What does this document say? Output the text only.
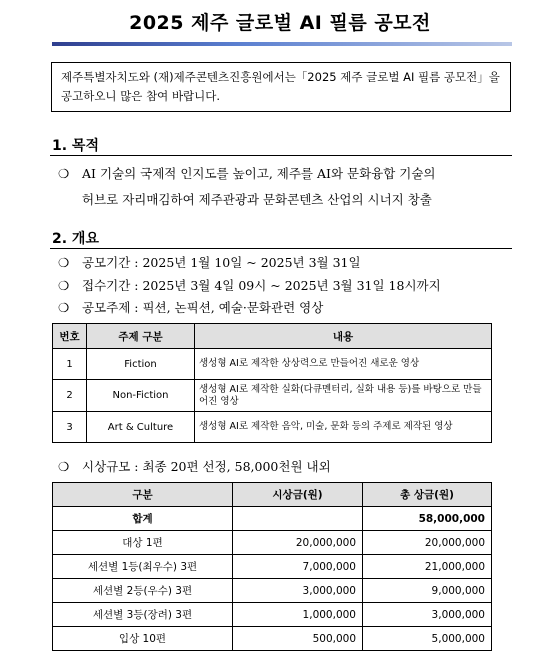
2025 제주 글로벌 AI 필름 공모전
제주특별자치도와 (재)제주콘텐츠진흥원에서는「2025 제주 글로벌 AI 필름 공모전」을 공고하오니 많은 참여 바랍니다.
1. 목적
❍ AI 기술의 국제적 인지도를 높이고, 제주를 AI와 문화융합 기술의
허브로 자리매김하여 제주관광과 문화콘텐츠 산업의 시너지 창출
2. 개요
❍ 공모기간 : 2025년 1월 10일 ~ 2025년 3월 31일
❍ 접수기간 : 2025년 3월 4일 09시 ~ 2025년 3월 31일 18시까지
❍ 공모주제 : 픽션, 논픽션, 예술·문화관련 영상
번호	주제 구분	내용
1	Fiction	생성형 AI로 제작한 상상력으로 만들어진 새로운 영상
2	Non-Fiction	생성형 AI로 제작한 실화(다큐멘터리, 실화 내용 등)를 바탕으로 만들어진 영상
3	Art & Culture	생성형 AI로 제작한 음악, 미술, 문화 등의 주제로 제작된 영상
❍ 시상규모 : 최종 20편 선정, 58,000천원 내외
구분	시상금(원)	총 상금(원)
합계		58,000,000
대상 1편	20,000,000	20,000,000
세션별 1등(최우수) 3편	7,000,000	21,000,000
세션별 2등(우수) 3편	3,000,000	9,000,000
세션별 3등(장려) 3편	1,000,000	3,000,000
입상 10편	500,000	5,000,000
